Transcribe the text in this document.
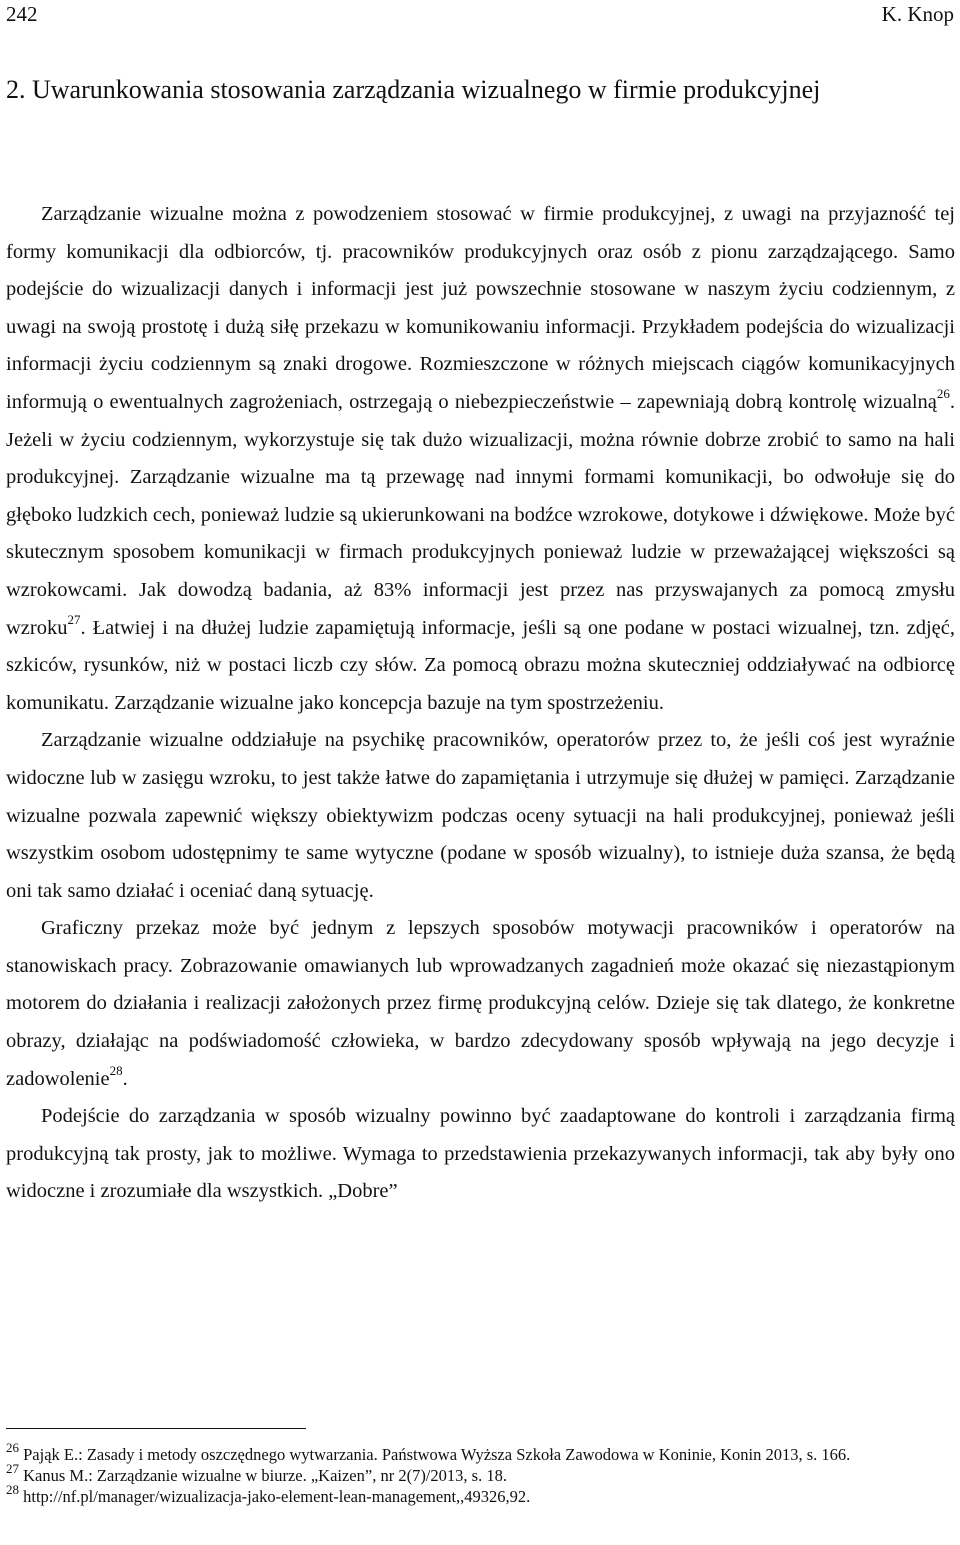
242	K. Knop
2. Uwarunkowania stosowania zarządzania wizualnego w firmie produkcyjnej

Zarządzanie wizualne można z powodzeniem stosować w firmie produkcyjnej, z uwagi na przyjazność tej formy komunikacji dla odbiorców, tj. pracowników produkcyjnych oraz osób z pionu zarządzającego. Samo podejście do wizualizacji danych i informacji jest już powszechnie stosowane w naszym życiu codziennym, z uwagi na swoją prostotę i dużą siłę przekazu w komunikowaniu informacji. Przykładem podejścia do wizualizacji informacji życiu codziennym są znaki drogowe. Rozmieszczone w różnych miejscach ciągów komunikacyjnych informują o ewentualnych zagrożeniach, ostrzegają o niebezpieczeństwie – zapewniają dobrą kontrolę wizualną$^{26}$. Jeżeli w życiu codziennym, wykorzystuje się tak dużo wizualizacji, można równie dobrze zrobić to samo na hali produkcyjnej. Zarządzanie wizualne ma tą przewagę nad innymi formami komunikacji, bo odwołuje się do głęboko ludzkich cech, ponieważ ludzie są ukierunkowani na bodźce wzrokowe, dotykowe i dźwiękowe. Może być skutecznym sposobem komunikacji w firmach produkcyjnych ponieważ ludzie w przeważającej większości są wzrokowcami. Jak dowodzą badania, aż 83% informacji jest przez nas przyswajanych za pomocą zmysłu wzroku$^{27}$. Łatwiej i na dłużej ludzie zapamiętują informacje, jeśli są one podane w postaci wizualnej, tzn. zdjęć, szkiców, rysunków, niż w postaci liczb czy słów. Za pomocą obrazu można skuteczniej oddziaływać na odbiorcę komunikatu. Zarządzanie wizualne jako koncepcja bazuje na tym spostrzeżeniu.

Zarządzanie wizualne oddziałuje na psychikę pracowników, operatorów przez to, że jeśli coś jest wyraźnie widoczne lub w zasięgu wzroku, to jest także łatwe do zapamiętania i utrzymuje się dłużej w pamięci. Zarządzanie wizualne pozwala zapewnić większy obiektywizm podczas oceny sytuacji na hali produkcyjnej, ponieważ jeśli wszystkim osobom udostępnimy te same wytyczne (podane w sposób wizualny), to istnieje duża szansa, że będą oni tak samo działać i oceniać daną sytuację.

Graficzny przekaz może być jednym z lepszych sposobów motywacji pracowników i operatorów na stanowiskach pracy. Zobrazowanie omawianych lub wprowadzanych zagadnień może okazać się niezastąpionym motorem do działania i realizacji założonych przez firmę produkcyjną celów. Dzieje się tak dlatego, że konkretne obrazy, działając na podświadomość człowieka, w bardzo zdecydowany sposób wpływają na jego decyzje i zadowolenie$^{28}$.

Podejście do zarządzania w sposób wizualny powinno być zaadaptowane do kontroli i zarządzania firmą produkcyjną tak prosty, jak to możliwe. Wymaga to przedstawienia przekazywanych informacji, tak aby były ono widoczne i zrozumiałe dla wszystkich. „Dobre”

$^{26}$ Pająk E.: Zasady i metody oszczędnego wytwarzania. Państwowa Wyższa Szkoła Zawodowa w Koninie, Konin 2013, s. 166.
$^{27}$ Kanus M.: Zarządzanie wizualne w biurze. „Kaizen”, nr 2(7)/2013, s. 18.
$^{28}$ http://nf.pl/manager/wizualizacja-jako-element-lean-management,,49326,92.
